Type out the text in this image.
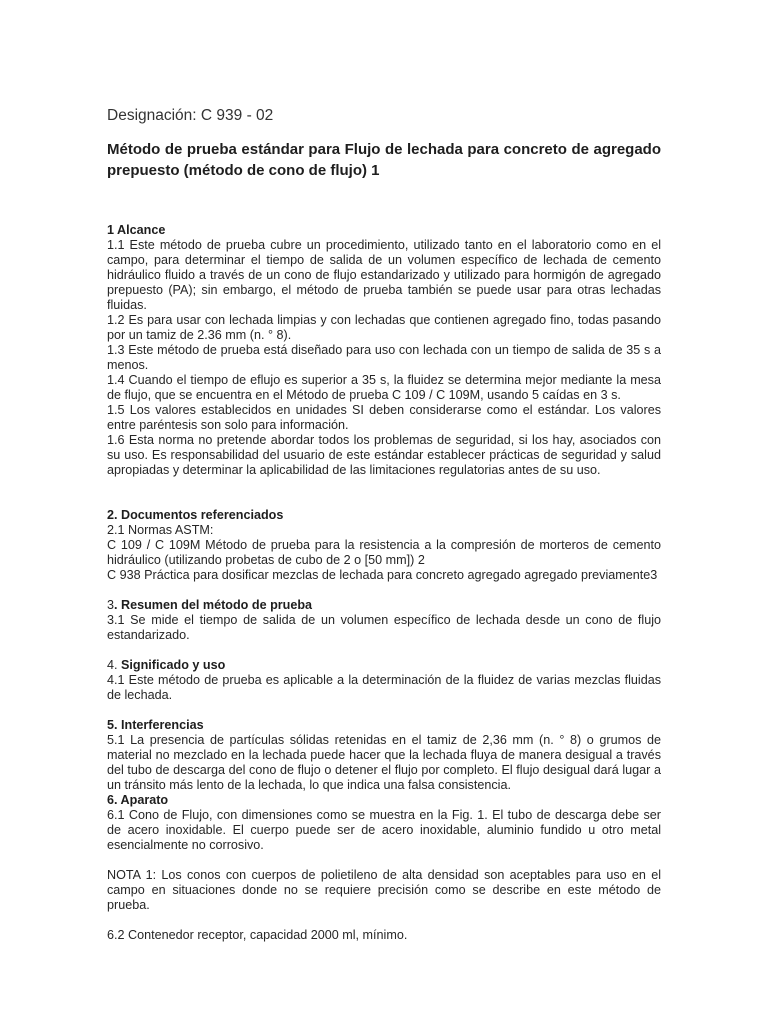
Designación: C 939 - 02
Método de prueba estándar para Flujo de lechada para concreto de agregado prepuesto (método de cono de flujo) 1

1 Alcance

1.1 Este método de prueba cubre un procedimiento, utilizado tanto en el laboratorio como en el campo, para determinar el tiempo de salida de un volumen específico de lechada de cemento hidráulico fluido a través de un cono de flujo estandarizado y utilizado para hormigón de agregado prepuesto (PA); sin embargo, el método de prueba también se puede usar para otras lechadas fluidas.

1.2 Es para usar con lechada limpias y con lechadas que contienen agregado fino, todas pasando por un tamiz de 2.36 mm (n. ° 8).

1.3 Este método de prueba está diseñado para uso con lechada con un tiempo de salida de 35 s a menos.

1.4 Cuando el tiempo de eflujo es superior a 35 s, la fluidez se determina mejor mediante la mesa de flujo, que se encuentra en el Método de prueba C 109 / C 109M, usando 5 caídas en 3 s.

1.5 Los valores establecidos en unidades SI deben considerarse como el estándar. Los valores entre paréntesis son solo para información.

1.6 Esta norma no pretende abordar todos los problemas de seguridad, si los hay, asociados con su uso. Es responsabilidad del usuario de este estándar establecer prácticas de seguridad y salud apropiadas y determinar la aplicabilidad de las limitaciones regulatorias antes de su uso.

2. Documentos referenciados

2.1 Normas ASTM:

C 109 / C 109M Método de prueba para la resistencia a la compresión de morteros de cemento hidráulico (utilizando probetas de cubo de 2 o [50 mm]) 2

C 938 Práctica para dosificar mezclas de lechada para concreto agregado agregado previamente3

3. Resumen del método de prueba

3.1 Se mide el tiempo de salida de un volumen específico de lechada desde un cono de flujo estandarizado.

4. Significado y uso

4.1 Este método de prueba es aplicable a la determinación de la fluidez de varias mezclas fluidas de lechada.

5. Interferencias

5.1 La presencia de partículas sólidas retenidas en el tamiz de 2,36 mm (n. ° 8) o grumos de material no mezclado en la lechada puede hacer que la lechada fluya de manera desigual a través del tubo de descarga del cono de flujo o detener el flujo por completo. El flujo desigual dará lugar a un tránsito más lento de la lechada, lo que indica una falsa consistencia.

6. Aparato

6.1 Cono de Flujo, con dimensiones como se muestra en la Fig. 1. El tubo de descarga debe ser de acero inoxidable. El cuerpo puede ser de acero inoxidable, aluminio fundido u otro metal esencialmente no corrosivo.

NOTA 1: Los conos con cuerpos de polietileno de alta densidad son aceptables para uso en el campo en situaciones donde no se requiere precisión como se describe en este método de prueba.

6.2 Contenedor receptor, capacidad 2000 ml, mínimo.
